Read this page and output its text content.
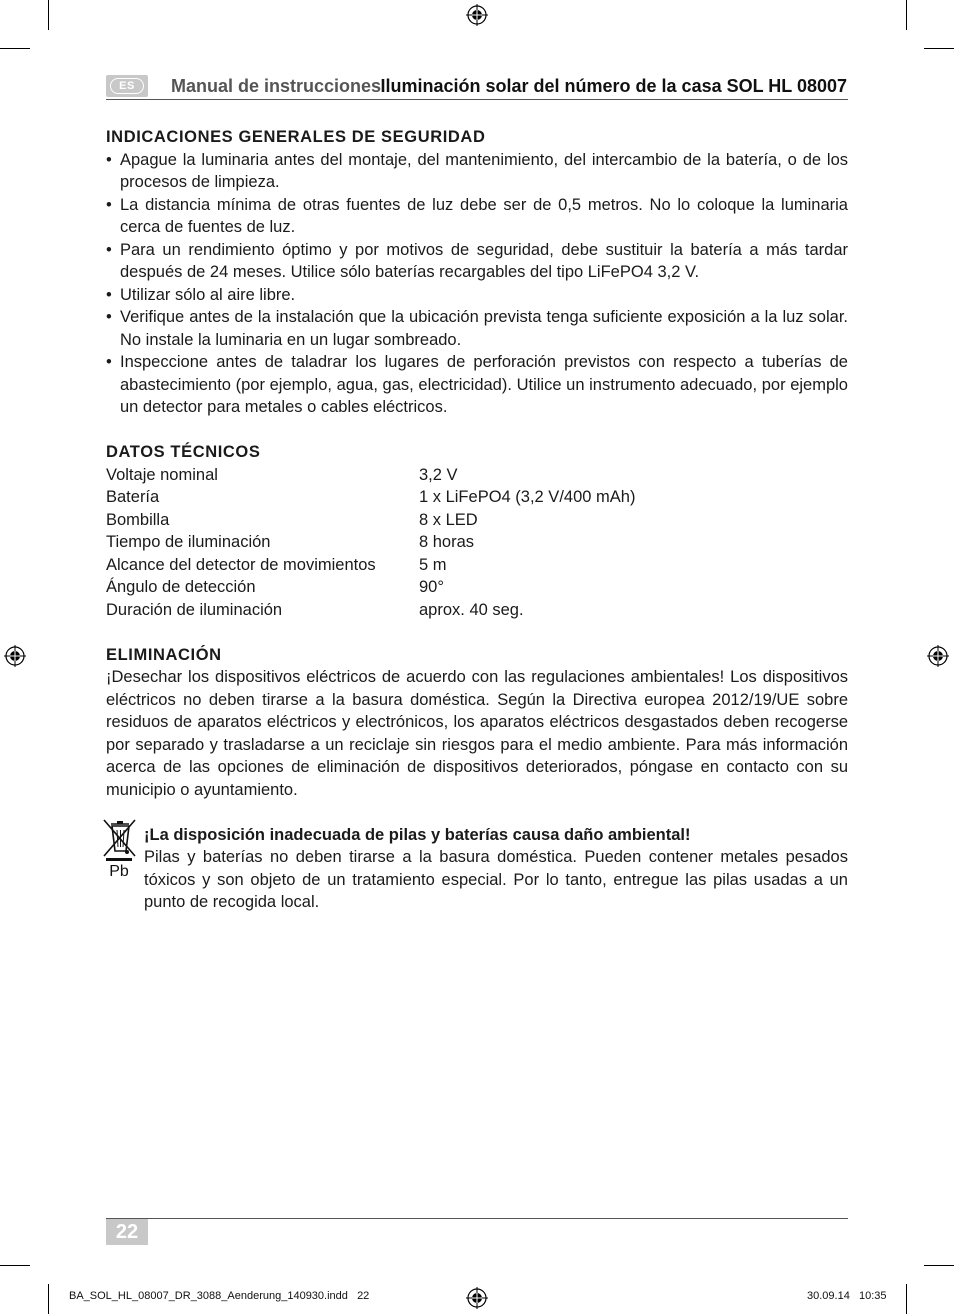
ES	Manual de instrucciones Iluminación solar del número de la casa SOL HL 08007
INDICACIONES GENERALES DE SEGURIDAD
• Apague la luminaria antes del montaje, del mantenimiento, del intercambio de la batería, o de los procesos de limpieza.
• La distancia mínima de otras fuentes de luz debe ser de 0,5 metros. No lo coloque la luminaria cerca de fuentes de luz.
• Para un rendimiento óptimo y por motivos de seguridad, debe sustituir la batería a más tardar después de 24 meses. Utilice sólo baterías recargables del tipo LiFePO4 3,2 V.
• Utilizar sólo al aire libre.
• Verifique antes de la instalación que la ubicación prevista tenga suficiente exposición a la luz solar. No instale la luminaria en un lugar sombreado.
• Inspeccione antes de taladrar los lugares de perforación previstos con respecto a tuberías de abastecimiento (por ejemplo, agua, gas, electricidad). Utilice un instrumento adecuado, por ejemplo un detector para metales o cables eléctricos.
DATOS TÉCNICOS
Voltaje nominal	3,2 V
Batería	1 x LiFePO4 (3,2 V/400 mAh)
Bombilla	8 x LED
Tiempo de iluminación	8 horas
Alcance del detector de movimientos	5 m
Ángulo de detección	90°
Duración de iluminación	aprox. 40 seg.
ELIMINACIÓN

¡Desechar los dispositivos eléctricos de acuerdo con las regulaciones ambientales! Los dispositivos eléctricos no deben tirarse a la basura doméstica. Según la Directiva europea 2012/19/UE sobre residuos de aparatos eléctricos y electrónicos, los aparatos eléctricos desgastados deben recogerse por separado y trasladarse a un reciclaje sin riesgos para el medio ambiente. Para más información acerca de las opciones de eliminación de dispositivos deteriorados, póngase en contacto con su municipio o ayuntamiento.

Pb
¡La disposición inadecuada de pilas y baterías causa daño ambiental!

Pilas y baterías no deben tirarse a la basura doméstica. Pueden contener metales pesados tóxicos y son objeto de un tratamiento especial. Por lo tanto, entregue las pilas usadas a un punto de recogida local.

22
BA_SOL_HL_08007_DR_3088_Aenderung_140930.indd   22	30.09.14   10:35
